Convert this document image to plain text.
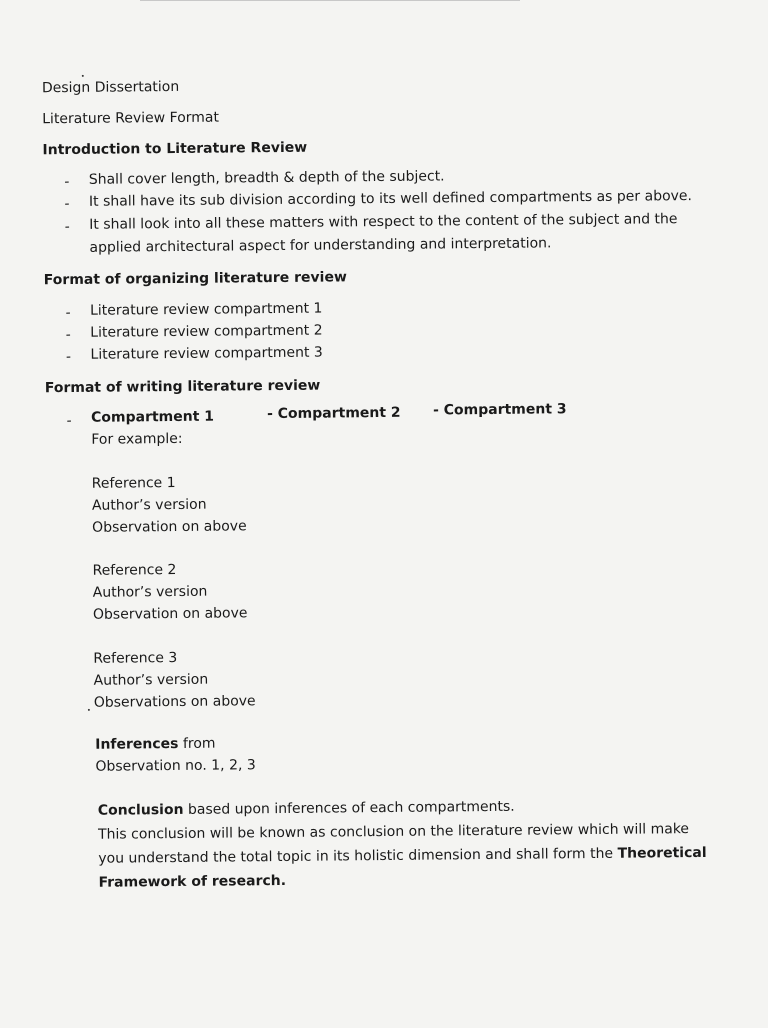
Design Dissertation
Literature Review Format
Introduction to Literature Review
- Shall cover length, breadth & depth of the subject.
- It shall have its sub division according to its well defined compartments as per above.
- It shall look into all these matters with respect to the content of the subject and the
applied architectural aspect for understanding and interpretation.
Format of organizing literature review
- Literature review compartment 1
- Literature review compartment 2
- Literature review compartment 3
Format of writing literature review
- Compartment 1	- Compartment 2 - Compartment 3
For example:
Reference 1
Author’s version
Observation on above
Reference 2
Author’s version
Observation on above
Reference 3
Author’s version
Observations on above
Inferences from
Observation no. 1, 2, 3
Conclusion based upon inferences of each compartments.
This conclusion will be known as conclusion on the literature review which will make
you understand the total topic in its holistic dimension and shall form the Theoretical
Framework of research.
